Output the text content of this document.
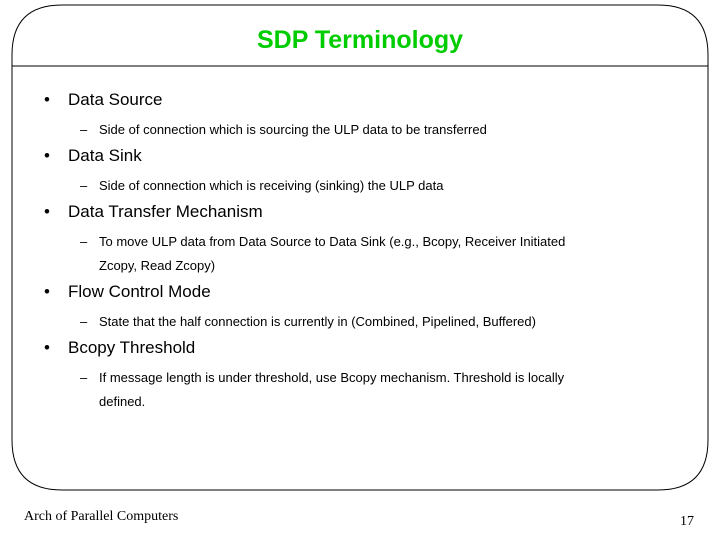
SDP Terminology
• Data Source
– Side of connection which is sourcing the ULP data to be transferred
• Data Sink
– Side of connection which is receiving (sinking) the ULP data
• Data Transfer Mechanism
– To move ULP data from Data Source to Data Sink (e.g., Bcopy, Receiver Initiated
Zcopy, Read Zcopy)
• Flow Control Mode
– State that the half connection is currently in (Combined, Pipelined, Buffered)
• Bcopy Threshold
– If message length is under threshold, use Bcopy mechanism. Threshold is locally
defined.
Arch of Parallel Computers	17
